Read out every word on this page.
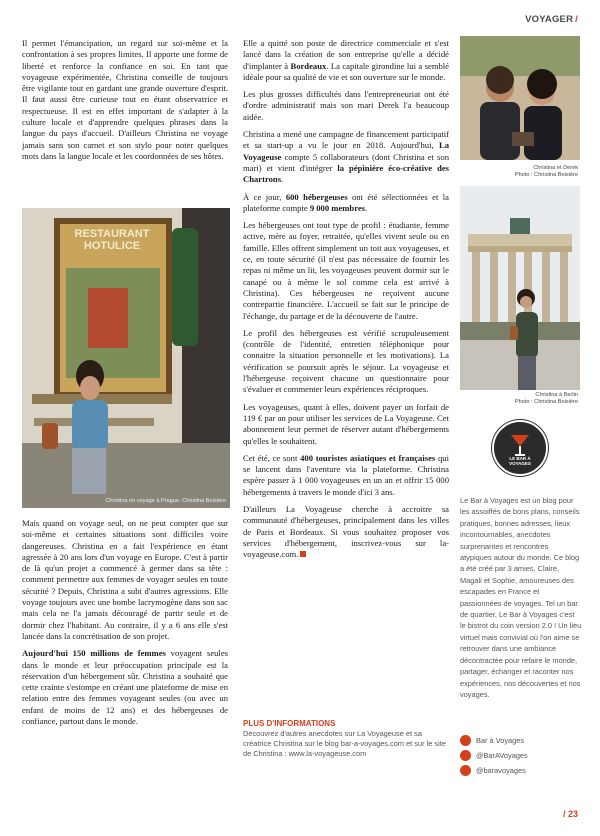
VOYAGER /

Il permet l'émancipation, un regard sur soi-même et la confrontation à ses propres limites. Il apporte une forme de liberté et renforce la confiance en soi. En tant que voyageuse expérimentée, Christina conseille de toujours être vigilante tout en gardant une grande ouverture d'esprit. Il faut aussi être curieuse tout en étant observatrice et respectueuse. Il est en effet important de s'adapter à la culture locale et d'apprendre quelques phrases dans la langue du pays d'accueil. D'ailleurs Christina ne voyage jamais sans son carnet et son stylo pour noter quelques mots dans la langue locale et les coordonnées de ses hôtes.

RESTAURANT HOTULICE
Christina en voyage à Prague. Christina Boisière

Mais quand on voyage seul, on ne peut compter que sur soi-même et certaines situations sont difficiles voire dangereuses. Christina en a fait l'expérience en étant agressée à 20 ans lors d'un voyage en Europe. C'est à partir de là qu'un projet a commencé à germer dans sa tête : comment permettre aux femmes de voyager seules en toute sécurité ? Depuis, Christina a subi d'autres agressions. Elle voyage toujours avec une bombe lacrymogène dans son sac mais cela ne l'a jamais découragé de partir seule et de dormir chez l'habitant. Au contraire, il y a 6 ans elle s'est lancée dans la concrétisation de son projet.

Aujourd'hui 150 millions de femmes voyagent seules dans le monde et leur préoccupation principale est la réservation d'un hébergement sûr. Christina a souhaité que cette crainte s'estompe en créant une plateforme de mise en relation entre des femmes voyageant seules (ou avec un enfant de moins de 12 ans) et des hébergeuses de confiance, partout dans le monde.

Elle a quitté son poste de directrice commerciale et s'est lancé dans la création de son entreprise qu'elle a décidé d'implanter à Bordeaux. La capitale girondine lui a semblé idéale pour sa qualité de vie et son ouverture sur le monde.

Les plus grosses difficultés dans l'entrepreneuriat ont été d'ordre administratif mais son mari Derek l'a beaucoup aidée.

Christina a mené une campagne de financement participatif et sa start-up a vu le jour en 2018. Aujourd'hui, La Voyageuse compte 5 collaborateurs (dont Christina et son mari) et vient d'intégrer la pépinière éco-créative des Chartrons.

À ce jour, 600 hébergeuses ont été sélectionnées et la plateforme compte 9 000 membres.

Les hébergeuses ont tout type de profil : étudiante, femme active, mère au foyer, retraitée, qu'elles vivent seule ou en famille. Elles offrent simplement un toit aux voyageuses, et ce, en toute sécurité (il n'est pas nécessaire de fournir les repas ni même un lit, les voyageuses peuvent dormir sur le canapé ou à même le sol comme cela est arrivé à Christina). Ces hébergeuses ne reçoivent aucune contrepartie financière. L'accueil se fait sur le principe de l'échange, du partage et de la découverte de l'autre.

Le profil des hébergeuses est vérifié scrupuleusement (contrôle de l'identité, entretien téléphonique pour connaitre la situation personnelle et les motivations). La vérification se poursuit après le séjour. La voyageuse et l'hébergeuse reçoivent chacune un questionnaire pour s'évaluer et commenter leurs expériences réciproques.

Les voyageuses, quant à elles, doivent payer un forfait de 119 € par an pour utiliser les services de La Voyageuse. Cet abonnement leur permet de réserver autant d'hébergements qu'elles le souhaitent.

Cet été, ce sont 400 touristes asiatiques et françaises qui se lancent dans l'aventure via la plateforme. Christina espère passer à 1 000 voyageuses en un an et offrir 15 000 hébergements à travers le monde d'ici 3 ans.

D'ailleurs La Voyageuse cherche à accroitre sa communauté d'hébergeuses, principalement dans les villes de Paris et Bordeaux. Si vous souhaitez proposer vos services d'hébergement, inscrivez-vous sur la-voyageuse.com.

Christina et Derek
Photo : Christina Boisière
Christina à Berlin
Photo : Christina Boisière
LE BAR À VOYAGES

Le Bar à Voyages est un blog pour les assoiffés de bons plans, conseils pratiques, bonnes adresses, lieux incontournables, anecdotes surprenantes et rencontres atypiques autour du monde. Ce blog a été créé par 3 amies, Claire, Magali et Sophie, amoureuses des escapades en France et passionnées de voyages. Tel un bar de quartier, Le Bar à Voyages c'est le bistrot du coin version 2.0 ! Un lieu virtuel mais convivial où l'on aime se retrouver dans une ambiance décontractée pour refaire le monde, partager, échanger et raconter nos expériences, nos découvertes et nos voyages.

Bar à Voyages
@BarAVoyages
@baravoyages
PLUS D'INFORMATIONS
Découvrez d'autres anecdotes sur La Voyageuse et sa créatrice Christina sur le blog bar-a-voyages.com et sur le site de Christina : www.la-voyageuse.com
/ 23
